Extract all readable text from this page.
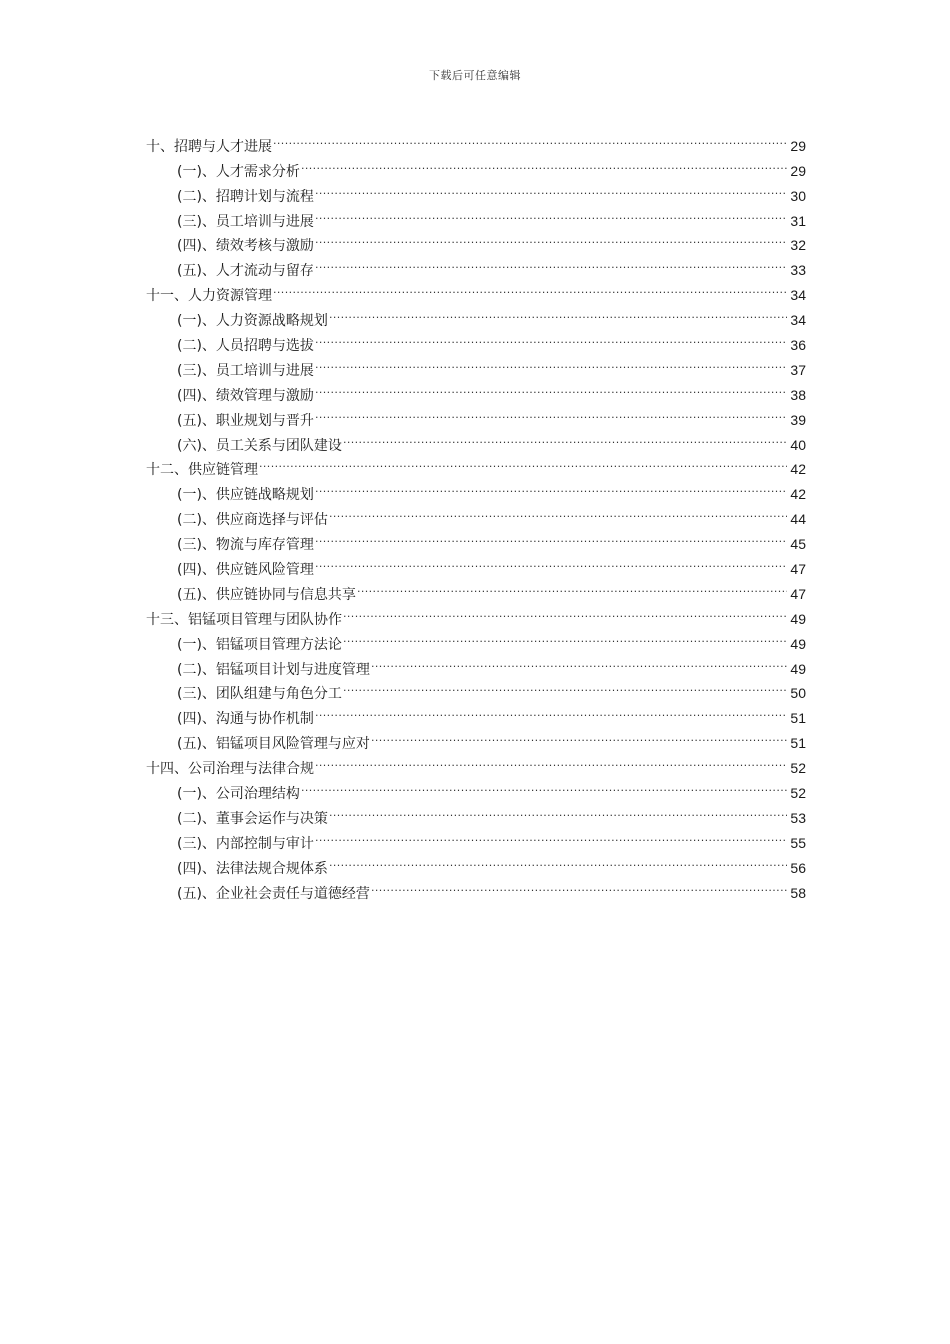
下载后可任意编辑
十、招聘与人才进展 .....	29
(一)、人才需求分析 .....	29
(二)、招聘计划与流程 .....	30
(三)、员工培训与进展 .....	31
(四)、绩效考核与激励 .....	32
(五)、人才流动与留存 .....	33
十一、人力资源管理 .....	34
(一)、人力资源战略规划 .....	34
(二)、人员招聘与选拔 .....	36
(三)、员工培训与进展 .....	37
(四)、绩效管理与激励 .....	38
(五)、职业规划与晋升 .....	39
(六)、员工关系与团队建设 .....	40
十二、供应链管理 .....	42
(一)、供应链战略规划 .....	42
(二)、供应商选择与评估 .....	44
(三)、物流与库存管理 .....	45
(四)、供应链风险管理 .....	47
(五)、供应链协同与信息共享 .....	47
十三、铝锰项目管理与团队协作 .....	49
(一)、铝锰项目管理方法论 .....	49
(二)、铝锰项目计划与进度管理 .....	49
(三)、团队组建与角色分工 .....	50
(四)、沟通与协作机制 .....	51
(五)、铝锰项目风险管理与应对 .....	51
十四、公司治理与法律合规 .....	52
(一)、公司治理结构 .....	52
(二)、董事会运作与决策 .....	53
(三)、内部控制与审计 .....	55
(四)、法律法规合规体系 .....	56
(五)、企业社会责任与道德经营 .....	58
